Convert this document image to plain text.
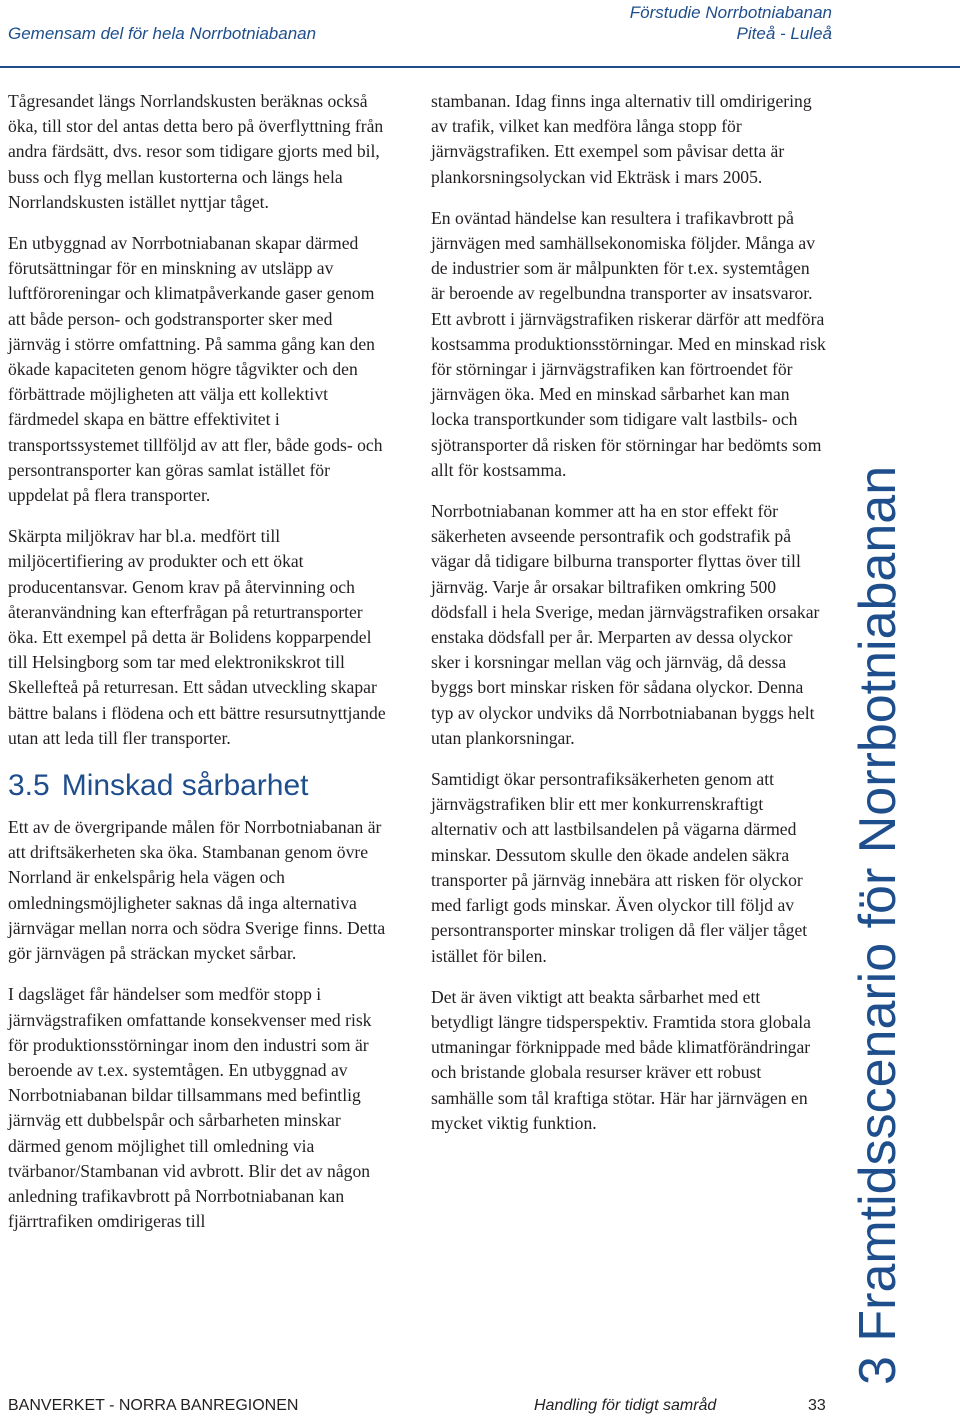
Gemensam del för hela Norrbotniabanan
Förstudie Norrbotniabanan
Piteå - Luleå

Tågresandet längs Norrlandskusten beräknas också öka, till stor del antas detta bero på överflyttning från andra färdsätt, dvs. resor som tidigare gjorts med bil, buss och flyg mellan kustorterna och längs hela Norrlandskusten istället nyttjar tåget.

En utbyggnad av Norrbotniabanan skapar därmed förutsättningar för en minskning av utsläpp av luftföroreningar och klimatpåverkande gaser genom att både person- och godstransporter sker med järnväg i större omfattning. På samma gång kan den ökade kapaciteten genom högre tågvikter och den förbättrade möjligheten att välja ett kollektivt färdmedel skapa en bättre effektivitet i transportssystemet tillföljd av att fler, både gods- och persontransporter kan göras samlat istället för uppdelat på flera transporter.

Skärpta miljökrav har bl.a. medfört till miljöcertifiering av produkter och ett ökat producentansvar. Genom krav på återvinning och återanvändning kan efterfrågan på returtransporter öka. Ett exempel på detta är Bolidens kopparpendel till Helsingborg som tar med elektronikskrot till Skellefteå på returresan. Ett sådan utveckling skapar bättre balans i flödena och ett bättre resursutnyttjande utan att leda till fler transporter.

3.5 Minskad sårbarhet

Ett av de övergripande målen för Norrbotniabanan är att driftsäkerheten ska öka. Stambanan genom övre Norrland är enkelspårig hela vägen och omledningsmöjligheter saknas då inga alternativa järnvägar mellan norra och södra Sverige finns. Detta gör järnvägen på sträckan mycket sårbar.

I dagsläget får händelser som medför stopp i järnvägstrafiken omfattande konsekvenser med risk för produktionsstörningar inom den industri som är beroende av t.ex. systemtågen. En utbyggnad av Norrbotniabanan bildar tillsammans med befintlig järnväg ett dubbelspår och sårbarheten minskar därmed genom möjlighet till omledning via tvärbanor/Stambanan vid avbrott. Blir det av någon anledning trafikavbrott på Norrbotniabanan kan fjärrtrafiken omdirigeras till

stambanan. Idag finns inga alternativ till omdirigering av trafik, vilket kan medföra långa stopp för järnvägstrafiken. Ett exempel som påvisar detta är plankorsningsolyckan vid Ekträsk i mars 2005.

En oväntad händelse kan resultera i trafikavbrott på järnvägen med samhällsekonomiska följder. Många av de industrier som är målpunkten för t.ex. systemtågen är beroende av regelbundna transporter av insatsvaror. Ett avbrott i järnvägstrafiken riskerar därför att medföra kostsamma produktionsstörningar. Med en minskad risk för störningar i järnvägstrafiken kan förtroendet för järnvägen öka. Med en minskad sårbarhet kan man locka transportkunder som tidigare valt lastbils- och sjötransporter då risken för störningar har bedömts som allt för kostsamma.

Norrbotniabanan kommer att ha en stor effekt för säkerheten avseende persontrafik och godstrafik på vägar då tidigare bilburna transporter flyttas över till järnväg. Varje år orsakar biltrafiken omkring 500 dödsfall i hela Sverige, medan järnvägstrafiken orsakar enstaka dödsfall per år. Merparten av dessa olyckor sker i korsningar mellan väg och järnväg, då dessa byggs bort minskar risken för sådana olyckor. Denna typ av olyckor undviks då Norrbotniabanan byggs helt utan plankorsningar.

Samtidigt ökar persontrafiksäkerheten genom att järnvägstrafiken blir ett mer konkurrenskraftigt alternativ och att lastbilsandelen på vägarna därmed minskar. Dessutom skulle den ökade andelen säkra transporter på järnväg innebära att risken för olyckor med farligt gods minskar. Även olyckor till följd av persontransporter minskar troligen då fler väljer tåget istället för bilen.

Det är även viktigt att beakta sårbarhet med ett betydligt längre tidsperspektiv. Framtida stora globala utmaningar förknippade med både klimatförändringar och bristande globala resurser kräver ett robust samhälle som tål kraftiga stötar. Här har järnvägen en mycket viktig funktion.	3 Framtidsscenario för Norrbotniabanan
BANVERKET - NORRA BANREGIONEN	Handling för tidigt samråd	33
